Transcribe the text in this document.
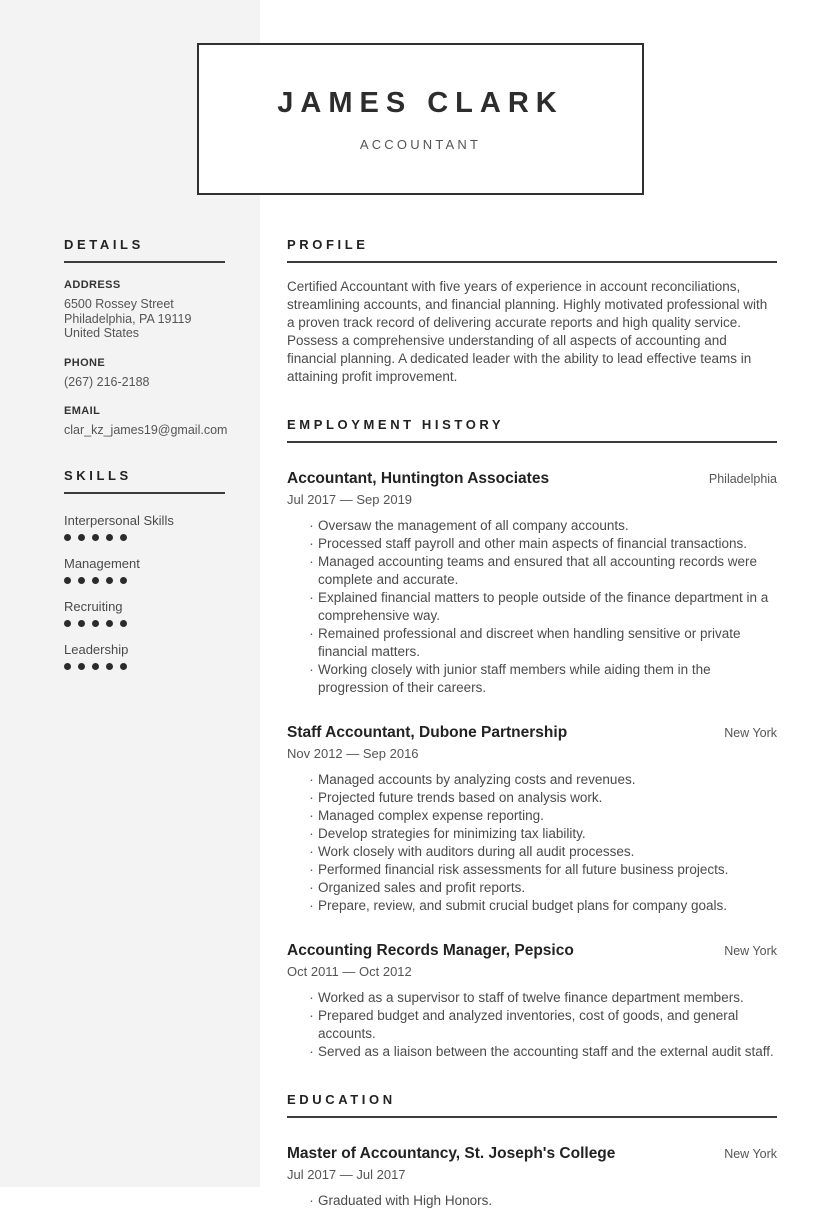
JAMES CLARK
ACCOUNTANT
DETAILS
ADDRESS
6500 Rossey Street
Philadelphia, PA 19119
United States
PHONE
(267) 216-2188
EMAIL
clar_kz_james19@gmail.com
SKILLS
Interpersonal Skills
Management
Recruiting
Leadership
PROFILE

Certified Accountant with five years of experience in account reconciliations, streamlining accounts, and financial planning. Highly motivated professional with a proven track record of delivering accurate reports and high quality service. Possess a comprehensive understanding of all aspects of accounting and financial planning. A dedicated leader with the ability to lead effective teams in attaining profit improvement.

EMPLOYMENT HISTORY
Accountant, Huntington Associates	Philadelphia
Jul 2017 — Sep 2019
· Oversaw the management of all company accounts.
· Processed staff payroll and other main aspects of financial transactions.
· Managed accounting teams and ensured that all accounting records were complete and accurate.
· Explained financial matters to people outside of the finance department in a comprehensive way.
· Remained professional and discreet when handling sensitive or private financial matters.
· Working closely with junior staff members while aiding them in the progression of their careers.
Staff Accountant, Dubone Partnership	New York
Nov 2012 — Sep 2016
· Managed accounts by analyzing costs and revenues.
· Projected future trends based on analysis work.
· Managed complex expense reporting.
· Develop strategies for minimizing tax liability.
· Work closely with auditors during all audit processes.
· Performed financial risk assessments for all future business projects.
· Organized sales and profit reports.
· Prepare, review, and submit crucial budget plans for company goals.
Accounting Records Manager, Pepsico	New York
Oct 2011 — Oct 2012
· Worked as a supervisor to staff of twelve finance department members.
· Prepared budget and analyzed inventories, cost of goods, and general accounts.
· Served as a liaison between the accounting staff and the external audit staff.
EDUCATION
Master of Accountancy, St. Joseph's College	New York
Jul 2017 — Jul 2017
· Graduated with High Honors.
